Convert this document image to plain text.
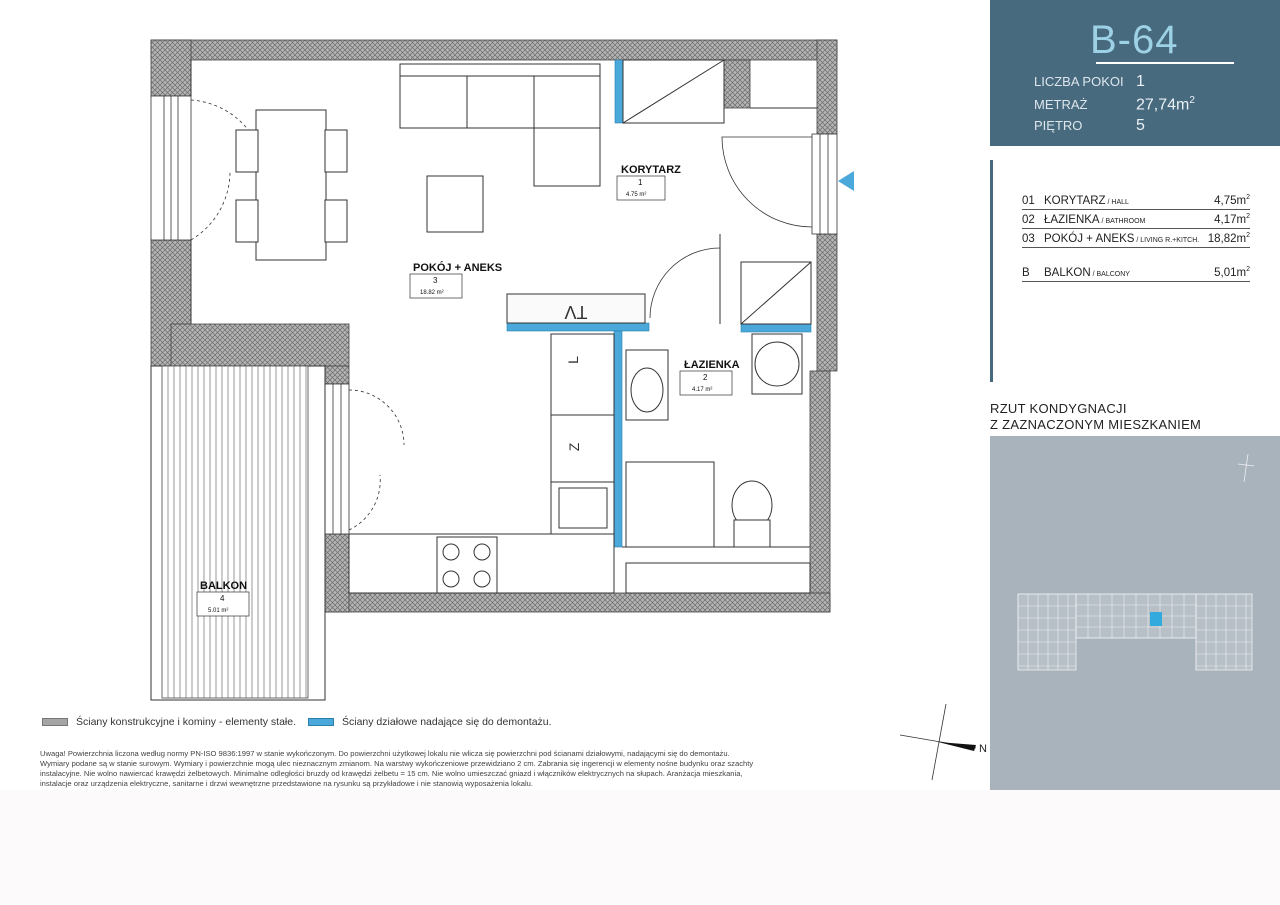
KORYTARZ
1
4.75 m²
POKÓJ + ANEKS
3
18.82 m²
ŁAZIENKA
2
4.17 m²
BALKON
4
5.01 m²
TV
L
Z
N
B-64
LICZBA POKOI 1
METRAŻ	$27,74m^2$
PIĘTRO	5
01 KORYTARZ / HALL	$4,75m^2$
02 ŁAZIENKA / BATHROOM	$4,17m^2$
03 POKÓJ + ANEKS / LIVING R.+KITCH. $18,82m^2$
B	BALKON / BALCONY	$5,01m^2$
RZUT KONDYGNACJI
Z ZAZNACZONYM MIESZKANIEM
Ściany konstrukcyjne i kominy - elementy stałe.	Ściany działowe nadające się do demontażu.
Uwaga! Powierzchnia liczona według normy PN-ISO 9836:1997 w stanie wykończonym. Do powierzchni użytkowej lokalu nie wlicza się powierzchni pod ścianami działowymi, nadającymi się do demontażu.
Wymiary podane są w stanie surowym. Wymiary i powierzchnie mogą ulec nieznacznym zmianom. Na warstwy wykończeniowe przewidziano 2 cm. Zabrania się ingerencji w elementy nośne budynku oraz szachty
instalacyjne. Nie wolno nawiercać krawędzi żelbetowych. Minimalne odległości bruzdy od krawędzi żelbetu = 15 cm. Nie wolno umieszczać gniazd i włączników elektrycznych na słupach. Aranżacja mieszkania,
instalacje oraz urządzenia elektryczne, sanitarne i drzwi wewnętrzne przedstawione na rysunku są przykładowe i nie stanowią wyposażenia lokalu.
